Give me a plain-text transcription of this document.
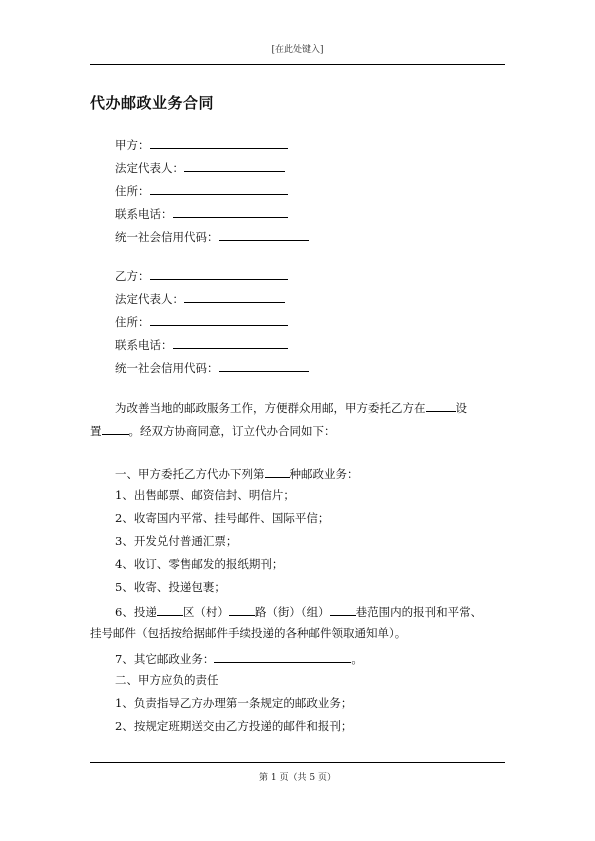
[在此处键入]
代办邮政业务合同
甲方：
法定代表人：
住所：
联系电话：
统一社会信用代码：
乙方：
法定代表人：
住所：
联系电话：
统一社会信用代码：
为改善当地的邮政服务工作，方便群众用邮，甲方委托乙方在	设
置 。经双方协商同意，订立代办合同如下：
一、甲方委托乙方代办下列第 种邮政业务：
1、出售邮票、邮资信封、明信片；
2、收寄国内平常、挂号邮件、国际平信；
3、开发兑付普通汇票；
4、收订、零售邮发的报纸期刊；
5、收寄、投递包裹；
6、投递 区（村） 路（街）（组） 巷范围内的报刊和平常、
挂号邮件（包括按给据邮件手续投递的各种邮件领取通知单）。
7、其它邮政业务：	。
二、甲方应负的责任
1、负责指导乙方办理第一条规定的邮政业务；
2、按规定班期送交由乙方投递的邮件和报刊；
第 1 页（共 5 页）
